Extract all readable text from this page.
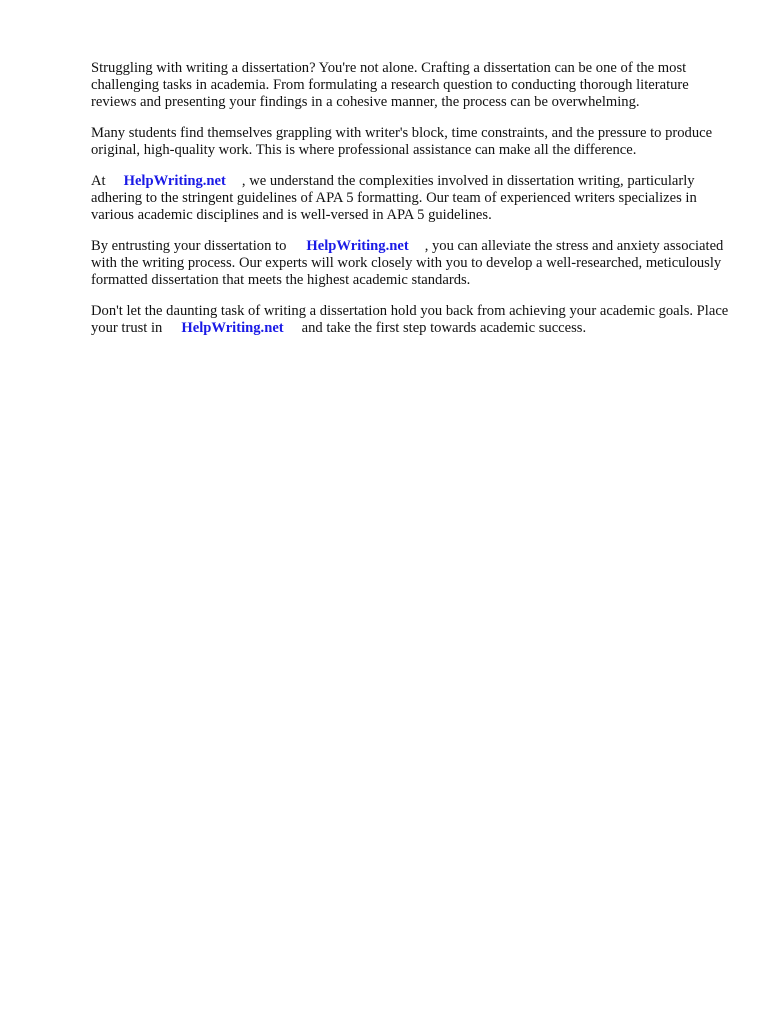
Struggling with writing a dissertation? You're not alone. Crafting a dissertation can be one of the most challenging tasks in academia. From formulating a research question to conducting thorough literature reviews and presenting your findings in a cohesive manner, the process can be overwhelming.

Many students find themselves grappling with writer's block, time constraints, and the pressure to produce original, high-quality work. This is where professional assistance can make all the difference.

At HelpWriting.net , we understand the complexities involved in dissertation writing, particularly adhering to the stringent guidelines of APA 5 formatting. Our team of experienced writers specializes in various academic disciplines and is well-versed in APA 5 guidelines.

By entrusting your dissertation to HelpWriting.net , you can alleviate the stress and anxiety associated with the writing process. Our experts will work closely with you to develop a well-researched, meticulously formatted dissertation that meets the highest academic standards.

Don't let the daunting task of writing a dissertation hold you back from achieving your academic goals. Place your trust in HelpWriting.net and take the first step towards academic success.
